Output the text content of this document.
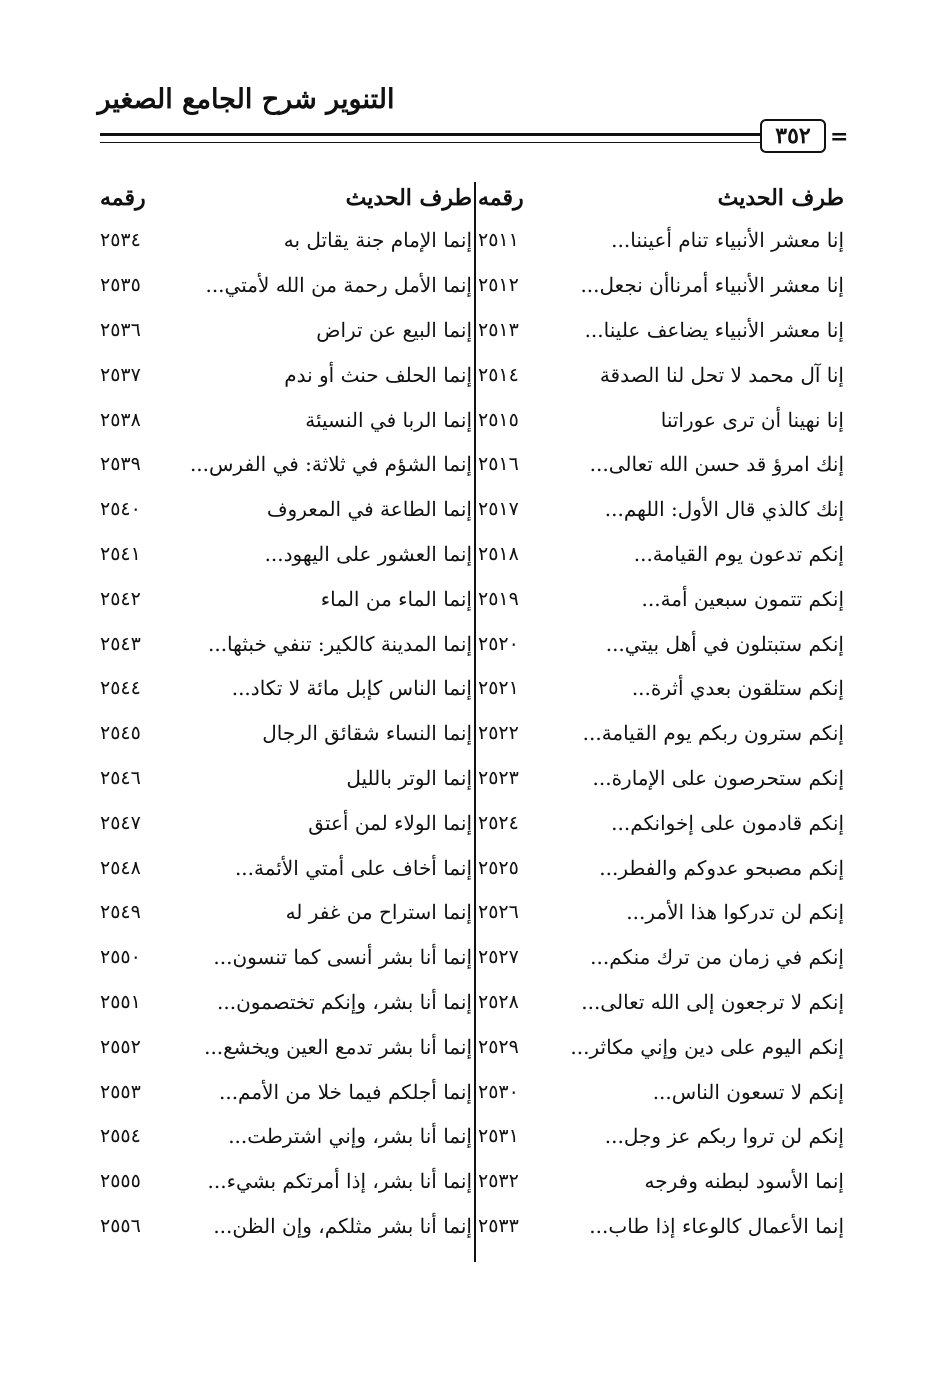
التنوير شرح الجامع الصغير
٣٥٢ =
طرف الحديث
رقمه
إنا معشر الأنبياء تنام أعيننا...
٢٥١١
إنا معشر الأنبياء أمرناأن نجعل...
٢٥١٢
إنا معشر الأنبياء يضاعف علينا...
٢٥١٣
إنا آل محمد لا تحل لنا الصدقة
٢٥١٤
إنا نهينا أن ترى عوراتنا
٢٥١٥
إنك امرؤ قد حسن الله تعالى...
٢٥١٦
إنك كالذي قال الأول: اللهم...
٢٥١٧
إنكم تدعون يوم القيامة...
٢٥١٨
إنكم تتمون سبعين أمة...
٢٥١٩
إنكم ستبتلون في أهل بيتي...
٢٥٢٠
إنكم ستلقون بعدي أثرة...
٢٥٢١
إنكم سترون ربكم يوم القيامة...
٢٥٢٢
إنكم ستحرصون على الإمارة...
٢٥٢٣
إنكم قادمون على إخوانكم...
٢٥٢٤
إنكم مصبحو عدوكم والفطر...
٢٥٢٥
إنكم لن تدركوا هذا الأمر...
٢٥٢٦
إنكم في زمان من ترك منكم...
٢٥٢٧
إنكم لا ترجعون إلى الله تعالى...
٢٥٢٨
إنكم اليوم على دين وإني مكاثر...
٢٥٢٩
إنكم لا تسعون الناس...
٢٥٣٠
إنكم لن تروا ربكم عز وجل...
٢٥٣١
إنما الأسود لبطنه وفرجه
٢٥٣٢
إنما الأعمال كالوعاء إذا طاب...
٢٥٣٣
طرف الحديث
رقمه
إنما الإمام جنة يقاتل به
٢٥٣٤
إنما الأمل رحمة من الله لأمتي...
٢٥٣٥
إنما البيع عن تراض
٢٥٣٦
إنما الحلف حنث أو ندم
٢٥٣٧
إنما الربا في النسيئة
٢٥٣٨
إنما الشؤم في ثلاثة: في الفرس...
٢٥٣٩
إنما الطاعة في المعروف
٢٥٤٠
إنما العشور على اليهود...
٢٥٤١
إنما الماء من الماء
٢٥٤٢
إنما المدينة كالكير: تنفي خبثها...
٢٥٤٣
إنما الناس كإبل مائة لا تكاد...
٢٥٤٤
إنما النساء شقائق الرجال
٢٥٤٥
إنما الوتر بالليل
٢٥٤٦
إنما الولاء لمن أعتق
٢٥٤٧
إنما أخاف على أمتي الأئمة...
٢٥٤٨
إنما استراح من غفر له
٢٥٤٩
إنما أنا بشر أنسى كما تنسون...
٢٥٥٠
إنما أنا بشر، وإنكم تختصمون...
٢٥٥١
إنما أنا بشر تدمع العين ويخشع...
٢٥٥٢
إنما أجلكم فيما خلا من الأمم...
٢٥٥٣
إنما أنا بشر، وإني اشترطت...
٢٥٥٤
إنما أنا بشر، إذا أمرتكم بشيء...
٢٥٥٥
إنما أنا بشر مثلكم، وإن الظن...
٢٥٥٦
